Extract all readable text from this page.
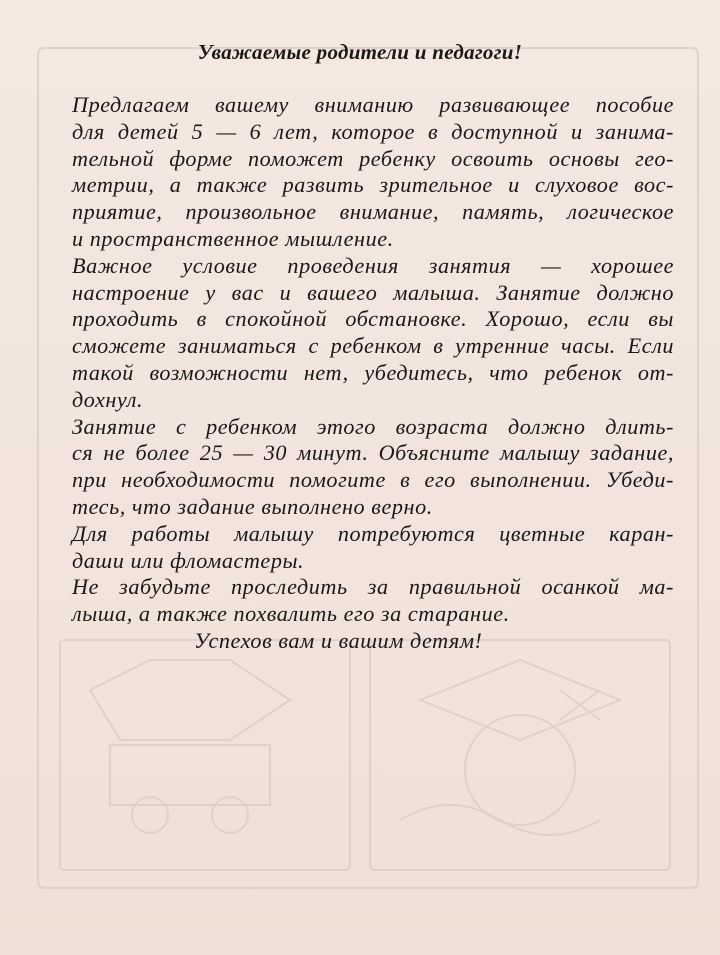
Уважаемые родители и педагоги!

Предлагаем вашему вниманию развивающее пособие
для детей 5 — 6 лет, которое в доступной и занима-
тельной форме поможет ребенку освоить основы гео-
метрии, а также развить зрительное и слуховое вос-
приятие, произвольное внимание, память, логическое
и пространственное мышление.

Важное условие проведения занятия — хорошее
настроение у вас и вашего малыша. Занятие должно
проходить в спокойной обстановке. Хорошо, если вы
сможете заниматься с ребенком в утренние часы. Если
такой возможности нет, убедитесь, что ребенок от-
дохнул.

Занятие с ребенком этого возраста должно длить-
ся не более 25 — 30 минут. Объясните малышу задание,
при необходимости помогите в его выполнении. Убеди-
тесь, что задание выполнено верно.

Для работы малышу потребуются цветные каран-
даши или фломастеры.

Не забудьте проследить за правильной осанкой ма-
лыша, а также похвалить его за старание.

Успехов вам и вашим детям!
